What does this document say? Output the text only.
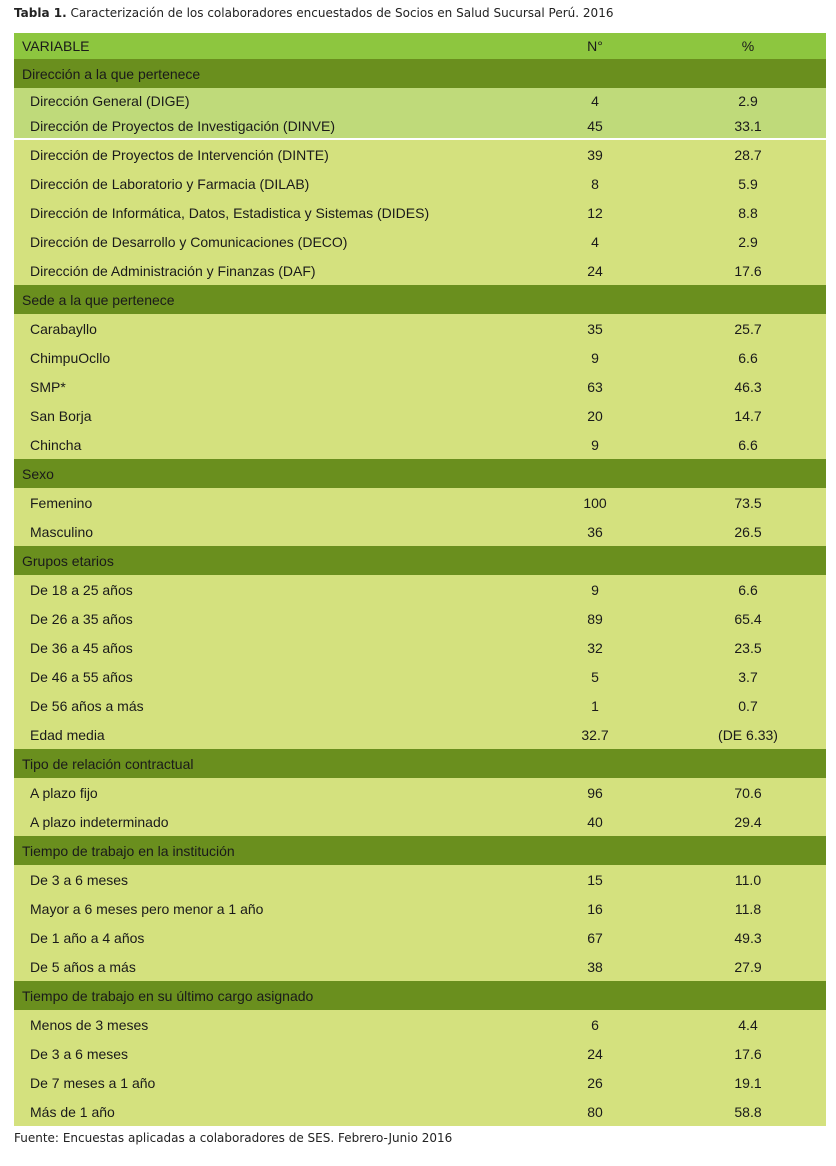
Tabla 1. Caracterización de los colaboradores encuestados de Socios en Salud Sucursal Perú. 2016
VARIABLE	N°	%
Dirección a la que pertenece		
Dirección General (DIGE)	4	2.9
Dirección de Proyectos de Investigación (DINVE)	45	33.1
Dirección de Proyectos de Intervención (DINTE)	39	28.7
Dirección de Laboratorio y Farmacia (DILAB)	8	5.9
Dirección de Informática, Datos, Estadistica y Sistemas (DIDES)	12	8.8
Dirección de Desarrollo y Comunicaciones (DECO)	4	2.9
Dirección de Administración y Finanzas (DAF)	24	17.6
Sede a la que pertenece		
Carabayllo	35	25.7
ChimpuOcllo	9	6.6
SMP*	63	46.3
San Borja	20	14.7
Chincha	9	6.6
Sexo		
Femenino	100	73.5
Masculino	36	26.5
Grupos etarios		
De 18 a 25 años	9	6.6
De 26 a 35 años	89	65.4
De 36 a 45 años	32	23.5
De 46 a 55 años	5	3.7
De 56 años a más	1	0.7
Edad media	32.7	(DE 6.33)
Tipo de relación contractual		
A plazo fijo	96	70.6
A plazo indeterminado	40	29.4
Tiempo de trabajo en la institución		
De 3 a 6 meses	15	11.0
Mayor a 6 meses pero menor a 1 año	16	11.8
De 1 año a 4 años	67	49.3
De 5 años a más	38	27.9
Tiempo de trabajo en su último cargo asignado		
Menos de 3 meses	6	4.4
De 3 a 6 meses	24	17.6
De 7 meses a 1 año	26	19.1
Más de 1 año	80	58.8
Fuente: Encuestas aplicadas a colaboradores de SES. Febrero-Junio 2016
